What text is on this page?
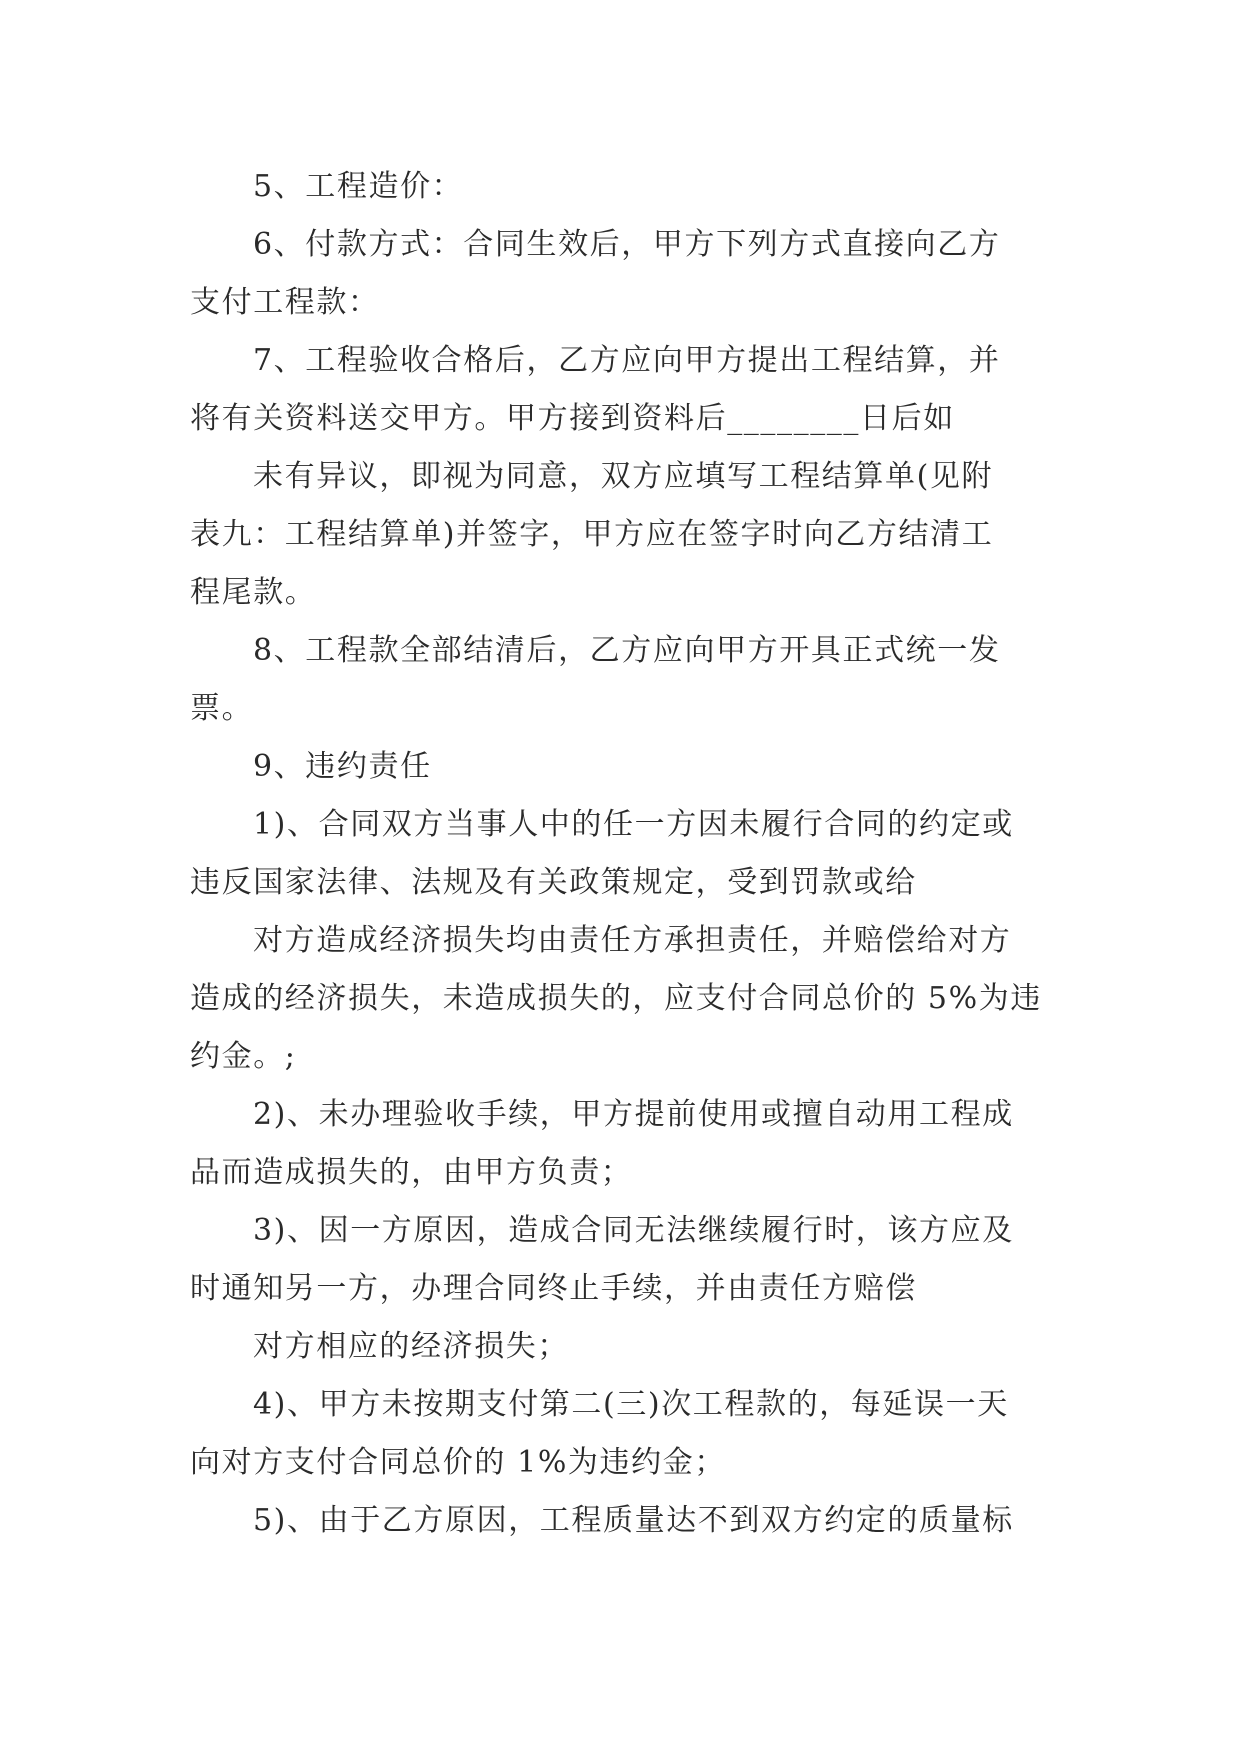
5、工程造价：
6、付款方式：合同生效后，甲方下列方式直接向乙方
支付工程款：
7、工程验收合格后，乙方应向甲方提出工程结算，并
将有关资料送交甲方。甲方接到资料后________日后如
未有异议，即视为同意，双方应填写工程结算单(见附
表九：工程结算单)并签字，甲方应在签字时向乙方结清工
程尾款。
8、工程款全部结清后，乙方应向甲方开具正式统一发
票。
9、违约责任
1)、合同双方当事人中的任一方因未履行合同的约定或
违反国家法律、法规及有关政策规定，受到罚款或给
对方造成经济损失均由责任方承担责任，并赔偿给对方
造成的经济损失，未造成损失的，应支付合同总价的 5%为违
约金。;
2)、未办理验收手续，甲方提前使用或擅自动用工程成
品而造成损失的，由甲方负责；
3)、因一方原因，造成合同无法继续履行时，该方应及
时通知另一方，办理合同终止手续，并由责任方赔偿
对方相应的经济损失；
4)、甲方未按期支付第二(三)次工程款的，每延误一天
向对方支付合同总价的 1%为违约金；
5)、由于乙方原因，工程质量达不到双方约定的质量标
